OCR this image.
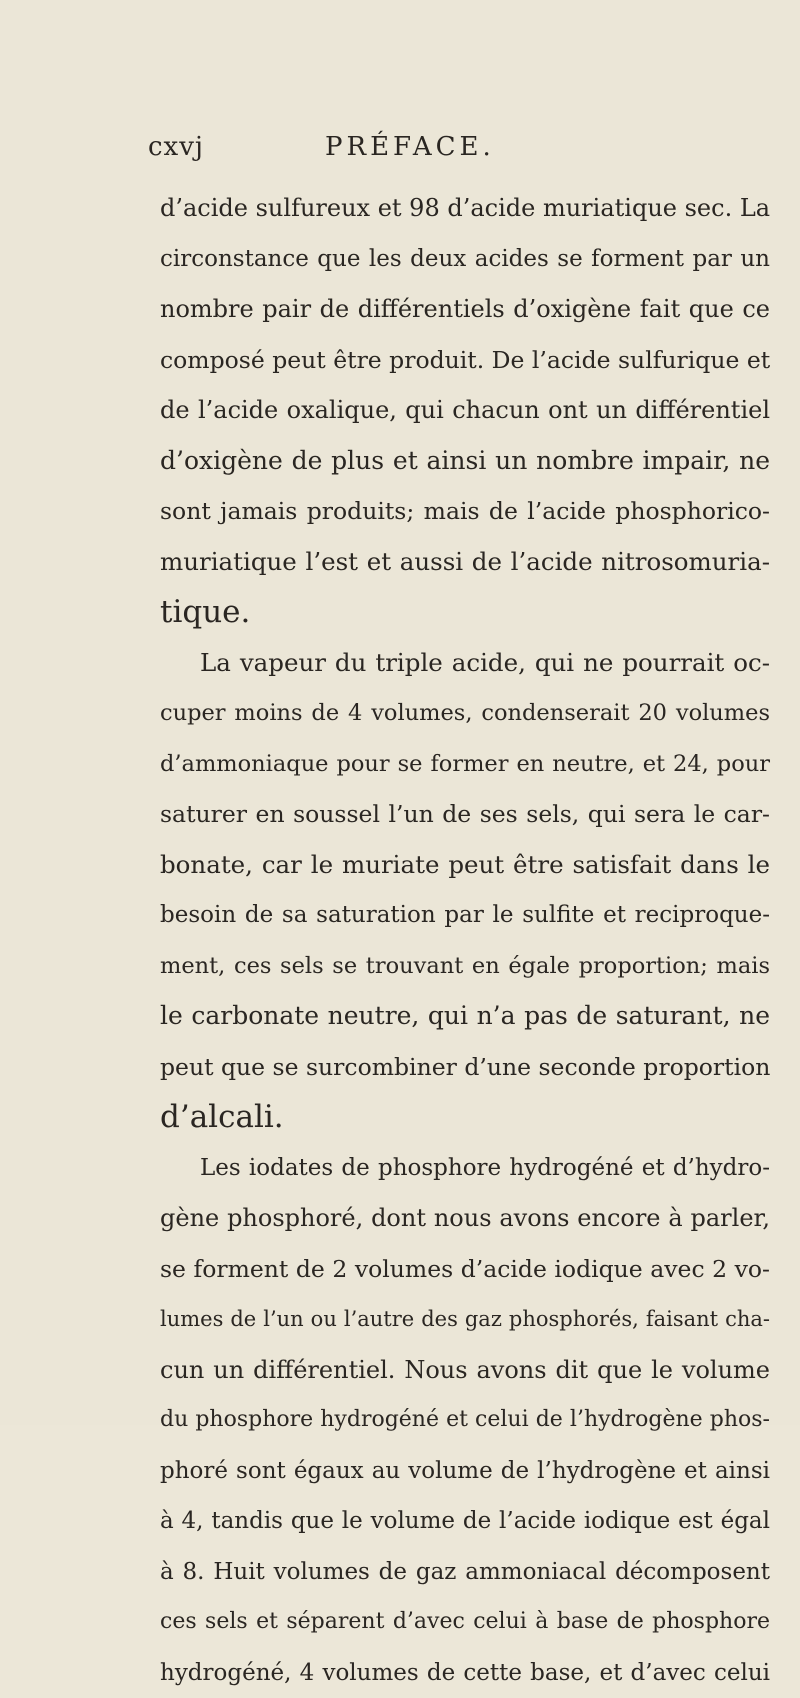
cxvj	PRÉFACE.
d’acide sulfureux et 98 d’acide muriatique sec. La
circonstance que les deux acides se forment par un
nombre pair de différentiels d’oxigène fait que ce
composé peut être produit. De l’acide sulfurique et
de l’acide oxalique, qui chacun ont un différentiel
d’oxigène de plus et ainsi un nombre impair, ne
sont jamais produits; mais de l’acide phosphorico-
muriatique l’est et aussi de l’acide nitrosomuria-
tique.
La vapeur du triple acide, qui ne pourrait oc-
cuper moins de 4 volumes, condenserait 20 volumes
d’ammoniaque pour se former en neutre, et 24, pour
saturer en soussel l’un de ses sels, qui sera le car-
bonate, car le muriate peut être satisfait dans le
besoin de sa saturation par le sulfite et reciproque-
ment, ces sels se trouvant en égale proportion; mais
le carbonate neutre, qui n’a pas de saturant, ne
peut que se surcombiner d’une seconde proportion
d’alcali.
Les iodates de phosphore hydrogéné et d’hydro-
gène phosphoré, dont nous avons encore à parler,
se forment de 2 volumes d’acide iodique avec 2 vo-
lumes de l’un ou l’autre des gaz phosphorés, faisant cha-
cun un différentiel. Nous avons dit que le volume
du phosphore hydrogéné et celui de l’hydrogène phos-
phoré sont égaux au volume de l’hydrogène et ainsi
à 4, tandis que le volume de l’acide iodique est égal
à 8. Huit volumes de gaz ammoniacal décomposent
ces sels et séparent d’avec celui à base de phosphore
hydrogéné, 4 volumes de cette base, et d’avec celui
